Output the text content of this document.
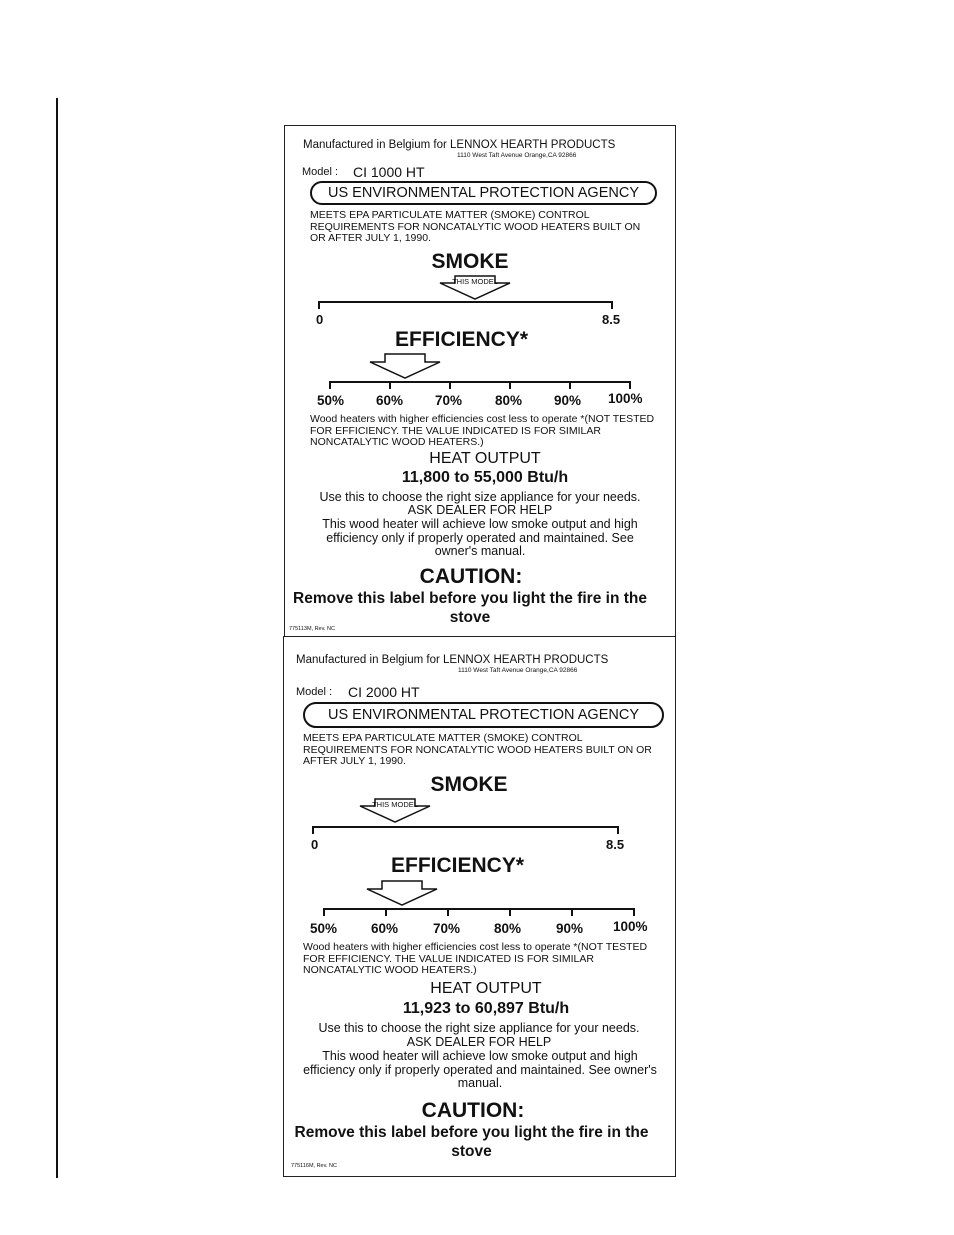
Manufactured in Belgium for LENNOX HEARTH PRODUCTS
1110 West Taft Avenue Orange,CA 92866
Model : CI 1000 HT
US ENVIRONMENTAL PROTECTION AGENCY
MEETS EPA PARTICULATE MATTER (SMOKE) CONTROL REQUIREMENTS FOR NONCATALYTIC WOOD HEATERS BUILT ON OR AFTER JULY 1, 1990.
SMOKE
THIS MODEL
0	8.5
EFFICIENCY*
50% 60% 70% 80% 90% 100%
Wood heaters with higher efficiencies cost less to operate *(NOT TESTED FOR EFFICIENCY. THE VALUE INDICATED IS FOR SIMILAR NONCATALYTIC WOOD HEATERS.)
HEAT OUTPUT
11,800 to 55,000 Btu/h
Use this to choose the right size appliance for your needs.
ASK DEALER FOR HELP
This wood heater will achieve low smoke output and high efficiency only if properly operated and maintained. See owner's manual.
CAUTION:
Remove this label before you light the fire in the stove
775113M, Rev. NC
Manufactured in Belgium for LENNOX HEARTH PRODUCTS
1110 West Taft Avenue Orange,CA 92866
Model : CI 2000 HT
US ENVIRONMENTAL PROTECTION AGENCY
MEETS EPA PARTICULATE MATTER (SMOKE) CONTROL REQUIREMENTS FOR NONCATALYTIC WOOD HEATERS BUILT ON OR AFTER JULY 1, 1990.
SMOKE
THIS MODEL
0	8.5
EFFICIENCY*
50%	60%	70%	80%	90% 100%
Wood heaters with higher efficiencies cost less to operate *(NOT TESTED FOR EFFICIENCY. THE VALUE INDICATED IS FOR SIMILAR NONCATALYTIC WOOD HEATERS.)
HEAT OUTPUT
11,923 to 60,897 Btu/h
Use this to choose the right size appliance for your needs.
ASK DEALER FOR HELP
This wood heater will achieve low smoke output and high efficiency only if properly operated and maintained. See owner's manual.
CAUTION:
Remove this label before you light the fire in the stove
775116M, Rev. NC
